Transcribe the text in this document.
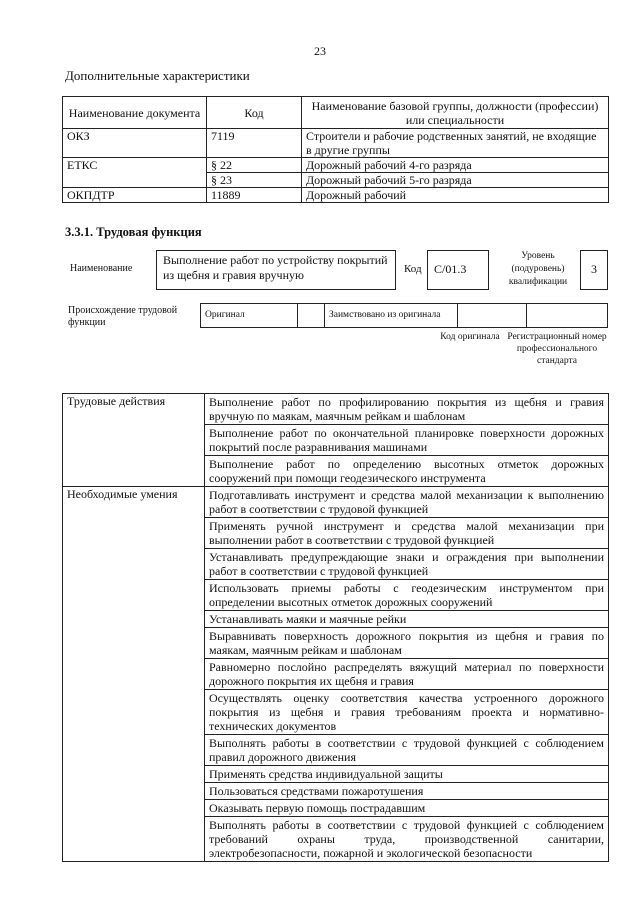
23
Дополнительные характеристики
Наименование документа	Код	Наименование базовой группы, должности (профессии) или специальности
ОКЗ	7119	Строители и рабочие родственных занятий, не входящие в другие группы
ЕТКС	§ 22	Дорожный рабочий 4-го разряда
	§ 23	Дорожный рабочий 5-го разряда
ОКПДТР	11889	Дорожный рабочий
3.3.1. Трудовая функция
Наименование
Выполнение работ по устройству покрытий из щебня и гравия вручную	Код	C/01.3
Уровень (подуровень) квалификации
3
Происхождение трудовой функции
Оригинал		Заимствовано из оригинала		
Код оригинала Регистрационный номер профессионального стандарта
Трудовые действия	Выполнение работ по профилированию покрытия из щебня и гравия вручную по маякам, маячным рейкам и шаблонам
	Выполнение работ по окончательной планировке поверхности дорожных покрытий после разравнивания машинами
	Выполнение работ по определению высотных отметок дорожных сооружений при помощи геодезического инструмента
Необходимые умения	Подготавливать инструмент и средства малой механизации к выполнению работ в соответствии с трудовой функцией
	Применять ручной инструмент и средства малой механизации при выполнении работ в соответствии с трудовой функцией
	Устанавливать предупреждающие знаки и ограждения при выполнении работ в соответствии с трудовой функцией
	Использовать приемы работы с геодезическим инструментом при определении высотных отметок дорожных сооружений
	Устанавливать маяки и маячные рейки
	Выравнивать поверхность дорожного покрытия из щебня и гравия по маякам, маячным рейкам и шаблонам
	Равномерно послойно распределять вяжущий материал по поверхности дорожного покрытия их щебня и гравия
	Осуществлять оценку соответствия качества устроенного дорожного покрытия из щебня и гравия требованиям проекта и нормативно-технических документов
	Выполнять работы в соответствии с трудовой функцией с соблюдением правил дорожного движения
	Применять средства индивидуальной защиты
	Пользоваться средствами пожаротушения
	Оказывать первую помощь пострадавшим
	Выполнять работы в соответствии с трудовой функцией с соблюдением требований охраны труда, производственной санитарии, электробезопасности, пожарной и экологической безопасности
